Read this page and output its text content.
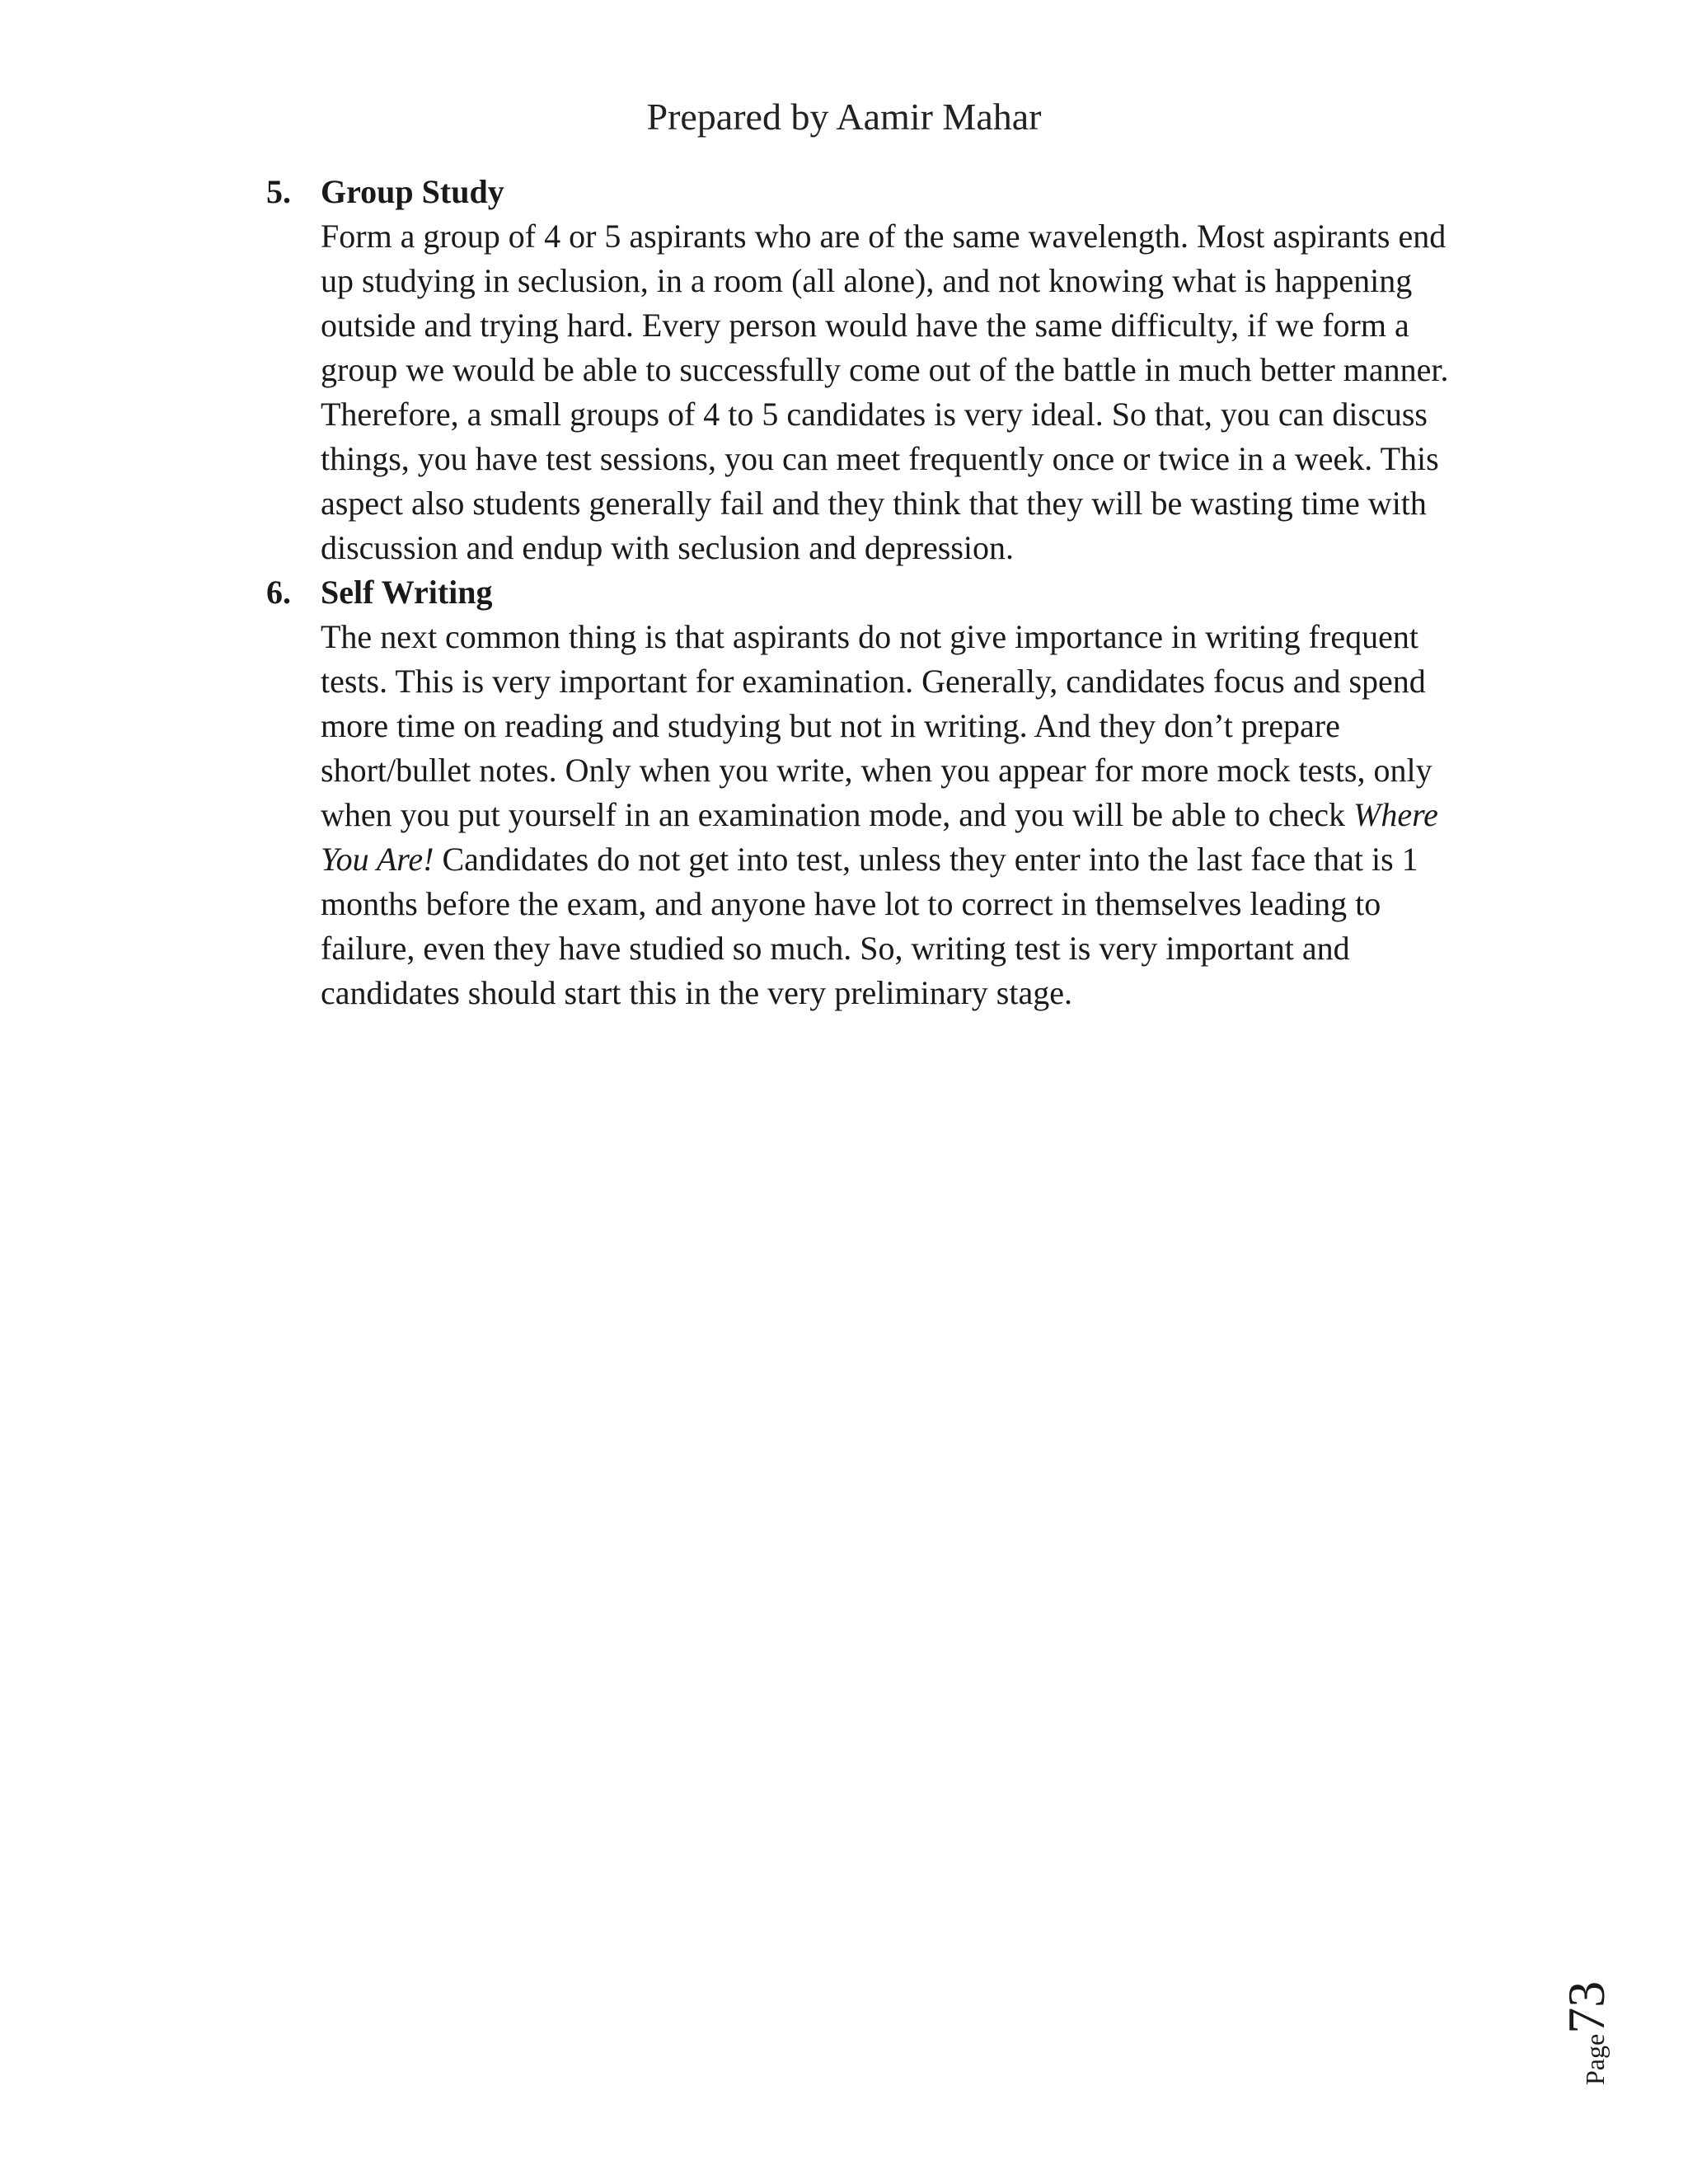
Prepared by Aamir Mahar
5. Group Study

Form a group of 4 or 5 aspirants who are of the same wavelength. Most aspirants end up studying in seclusion, in a room (all alone), and not knowing what is happening outside and trying hard. Every person would have the same difficulty, if we form a group we would be able to successfully come out of the battle in much better manner. Therefore, a small groups of 4 to 5 candidates is very ideal. So that, you can discuss things, you have test sessions, you can meet frequently once or twice in a week. This aspect also students generally fail and they think that they will be wasting time with discussion and endup with seclusion and depression.

6. Self Writing

The next common thing is that aspirants do not give importance in writing frequent tests. This is very important for examination. Generally, candidates focus and spend more time on reading and studying but not in writing. And they don’t prepare short/bullet notes. Only when you write, when you appear for more mock tests, only when you put yourself in an examination mode, and you will be able to check Where You Are! Candidates do not get into test, unless they enter into the last face that is 1 months before the exam, and anyone have lot to correct in themselves leading to failure, even they have studied so much. So, writing test is very important and candidates should start this in the very preliminary stage.

Page73
